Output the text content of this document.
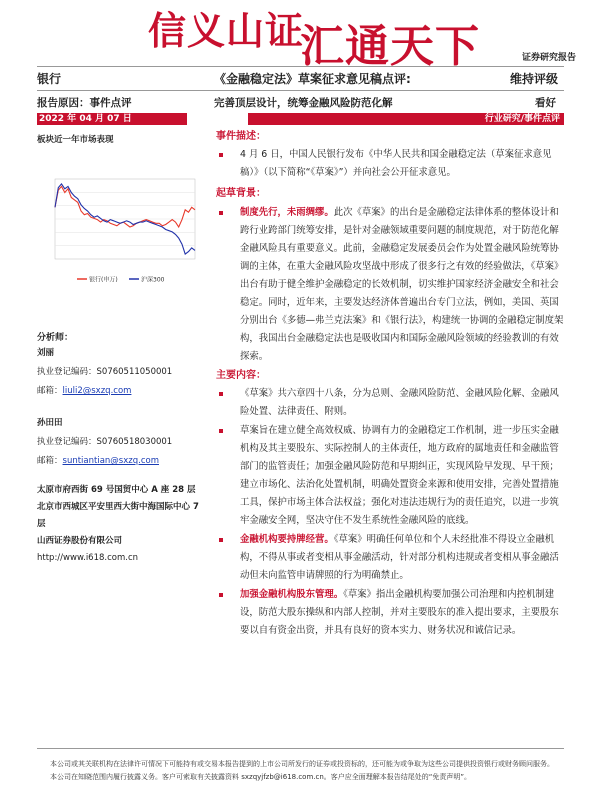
信义山证
汇通天下	证券研究报告
银行	《金融稳定法》草案征求意见稿点评:	维持评级
报告原因：事件点评	完善顶层设计，统筹金融风险防范化解	看好
2022 年 04 月 07 日	行业研究/事件点评
板块近一年市场表现
银行(申万)	沪深300
分析师：
刘丽
执业登记编码：S0760511050001
邮箱：liuli2@sxzq.com
孙田田
执业登记编码：S0760518030001
邮箱：suntiantian@sxzq.com
太原市府西街 69 号国贸中心 A 座 28 层
北京市西城区平安里西大街中海国际中心 7 层
山西证券股份有限公司
http://www.i618.com.cn
事件描述：
4 月 6 日，中国人民银行发布《中华人民共和国金融稳定法（草案征求意见稿）》（以下简称“《草案》”）并向社会公开征求意见。
起草背景：
制度先行，未雨绸缪。此次《草案》的出台是金融稳定法律体系的整体设计和跨行业跨部门统筹安排，是针对金融领域重要问题的制度规范，对于防范化解金融风险具有重要意义。此前，金融稳定发展委员会作为处置金融风险统筹协调的主体，在重大金融风险攻坚战中形成了很多行之有效的经验做法，《草案》出台有助于健全维护金融稳定的长效机制，切实维护国家经济金融安全和社会稳定。同时，近年来，主要发达经济体普遍出台专门立法，例如，美国、英国分别出台《多德—弗兰克法案》和《银行法》，构建统一协调的金融稳定制度架构，我国出台金融稳定法也是吸收国内和国际金融风险领域的经验教训的有效探索。
主要内容：
《草案》共六章四十八条，分为总则、金融风险防范、金融风险化解、金融风险处置、法律责任、附则。
草案旨在建立健全高效权威、协调有力的金融稳定工作机制，进一步压实金融机构及其主要股东、实际控制人的主体责任，地方政府的属地责任和金融监管部门的监管责任；加强金融风险防范和早期纠正，实现风险早发现、早干预；建立市场化、法治化处置机制，明确处置资金来源和使用安排，完善处置措施工具，保护市场主体合法权益；强化对违法违规行为的责任追究，以进一步筑牢金融安全网，坚决守住不发生系统性金融风险的底线。
金融机构要持牌经营。《草案》明确任何单位和个人未经批准不得设立金融机构，不得从事或者变相从事金融活动，针对部分机构违规或者变相从事金融活动但未向监管申请牌照的行为明确禁止。
加强金融机构股东管理。《草案》指出金融机构要加强公司治理和内控机制建设，防范大股东操纵和内部人控制，并对主要股东的准入提出要求，主要股东要以自有资金出资，并具有良好的资本实力、财务状况和诚信记录。
本公司或其关联机构在法律许可情况下可能持有或交易本报告提到的上市公司所发行的证券或投资标的，还可能为或争取为这些公司提供投资银行或财务顾问服务。本公司在知晓范围内履行披露义务。客户可索取有关披露资料 sxzqyjfzb@i618.com.cn。客户应全面理解本报告结尾处的“免责声明”。
